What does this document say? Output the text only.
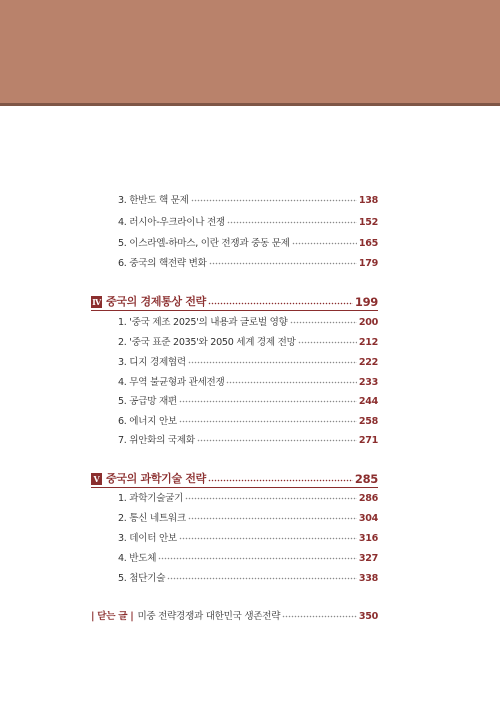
3. 한반도 핵 문제	138
4. 러시아-우크라이나 전쟁	152
5. 이스라엘-하마스, 이란 전쟁과 중동 문제	165
6. 중국의 핵전략 변화	179
Ⅳ 중국의 경제통상 전략	199
1. '중국 제조 2025'의 내용과 글로벌 영향	200
2. '중국 표준 2035'와 2050 세계 경제 전망	212
3. 디지 경제협력	222
4. 무역 불균형과 관세전쟁	233
5. 공급망 재편	244
6. 에너지 안보	258
7. 위안화의 국제화	271
Ⅴ 중국의 과학기술 전략	285
1. 과학기술굴기	286
2. 통신 네트워크	304
3. 데이터 안보	316
4. 반도체	327
5. 첨단기술	338
| 닫는 글 | 미중 전략경쟁과 대한민국 생존전략	350
